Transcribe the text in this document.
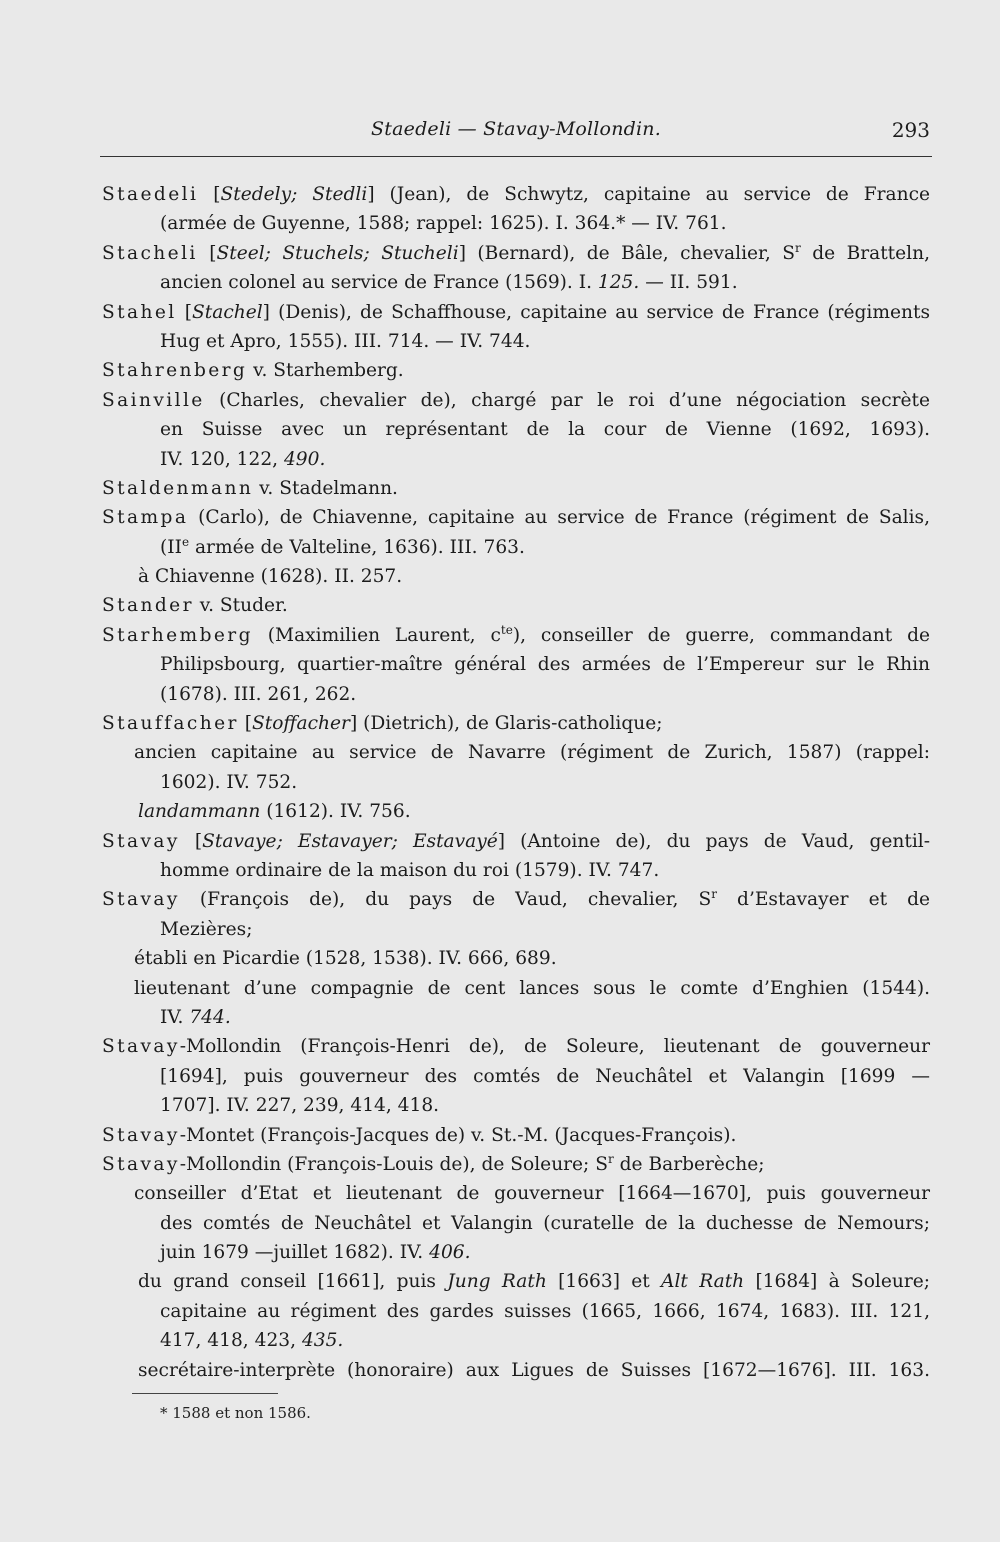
Staedeli — Stavay-Mollondin.	293
Staedeli [Stedely; Stedli] (Jean), de Schwytz, capitaine au service de France
(armée de Guyenne, 1588; rappel: 1625). I. 364.* — IV. 761.
Stacheli [Steel; Stuchels; Stucheli] (Bernard), de Bâle, chevalier, $S^r$ de Bratteln,
ancien colonel au service de France (1569). I. 125. — II. 591.
Stahel [Stachel] (Denis), de Schaffhouse, capitaine au service de France (régiments
Hug et Apro, 1555). III. 714. — IV. 744.
Stahrenberg v. Starhemberg.
Sainville (Charles, chevalier de), chargé par le roi d’une négociation secrète
en Suisse avec un représentant de la cour de Vienne (1692, 1693).
IV. 120, 122, 490.
Staldenmann v. Stadelmann.
Stampa (Carlo), de Chiavenne, capitaine au service de France (régiment de Salis,
(IIe armée de Valteline, 1636). III. 763.
à Chiavenne (1628). II. 257.
Stander v. Studer.
Starhemberg (Maximilien Laurent, $c^{te}$), conseiller de guerre, commandant de
Philipsbourg, quartier-maître général des armées de l’Empereur sur le Rhin
(1678). III. 261, 262.
Stauffacher [Stoffacher] (Dietrich), de Glaris-catholique;
ancien capitaine au service de Navarre (régiment de Zurich, 1587) (rappel:
1602). IV. 752.
landammann (1612). IV. 756.
Stavay [Stavaye; Estavayer; Estavayé] (Antoine de), du pays de Vaud, gentil-
homme ordinaire de la maison du roi (1579). IV. 747.
Stavay (François de), du pays de Vaud, chevalier, $S^r$ d’Estavayer et de
Mezières;
établi en Picardie (1528, 1538). IV. 666, 689.
lieutenant d’une compagnie de cent lances sous le comte d’Enghien (1544).
IV. 744.
Stavay-Mollondin (François-Henri de), de Soleure, lieutenant de gouverneur
[1694], puis gouverneur des comtés de Neuchâtel et Valangin [1699 —
1707]. IV. 227, 239, 414, 418.
Stavay-Montet (François-Jacques de) v. St.-M. (Jacques-François).
Stavay-Mollondin (François-Louis de), de Soleure; $S^r$ de Barberèche;
conseiller d’Etat et lieutenant de gouverneur [1664—1670], puis gouverneur
des comtés de Neuchâtel et Valangin (curatelle de la duchesse de Nemours;
juin 1679 —juillet 1682). IV. 406.
du grand conseil [1661], puis Jung Rath [1663] et Alt Rath [1684] à Soleure;
capitaine au régiment des gardes suisses (1665, 1666, 1674, 1683). III. 121,
417, 418, 423, 435.
secrétaire-interprète (honoraire) aux Ligues de Suisses [1672—1676]. III. 163.
* 1588 et non 1586.
